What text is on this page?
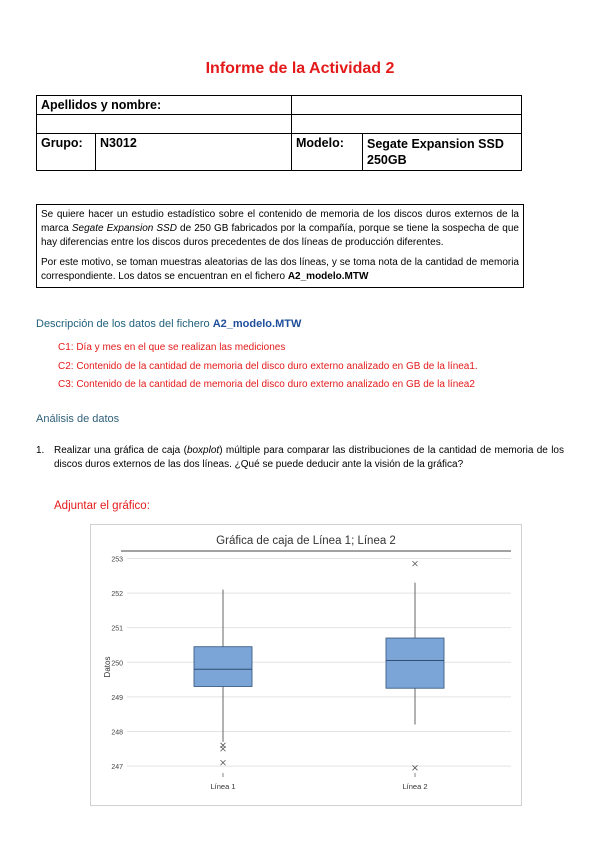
Informe de la Actividad 2
Apellidos y nombre:			

Grupo:	N3012	Modelo:	Segate Expansion SSD 250GB

Se quiere hacer un estudio estadístico sobre el contenido de memoria de los discos duros externos de la marca Segate Expansion SSD de 250 GB fabricados por la compañía, porque se tiene la sospecha de que hay diferencias entre los discos duros precedentes de dos líneas de producción diferentes.

Por este motivo, se toman muestras aleatorias de las dos líneas, y se toma nota de la cantidad de memoria correspondiente. Los datos se encuentran en el fichero A2_modelo.MTW

Descripción de los datos del fichero A2_modelo.MTW
C1: Día y mes en el que se realizan las mediciones
C2: Contenido de la cantidad de memoria del disco duro externo analizado en GB de la línea1.
C3: Contenido de la cantidad de memoria del disco duro externo analizado en GB de la línea2
Análisis de datos
1. Realizar una gráfica de caja (boxplot) múltiple para comparar las distribuciones de la cantidad de memoria de los discos duros externos de las dos líneas. ¿Qué se puede deducir ante la visión de la gráfica?
Adjuntar el gráfico:
Gráfica de caja de Línea 1; Línea 2
Datos
247
248
249
250
251
252
253
Línea 1	Línea 2
